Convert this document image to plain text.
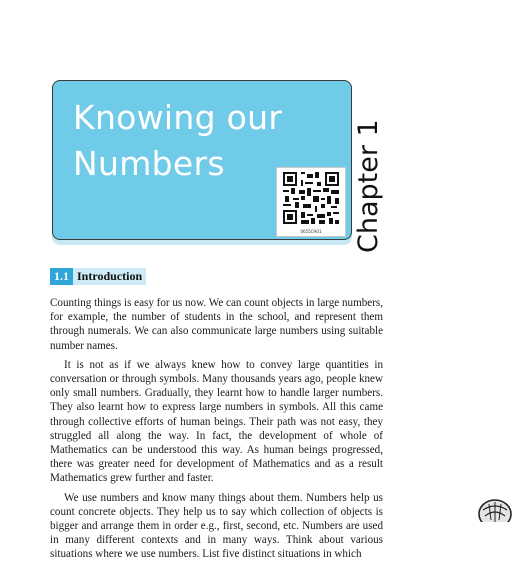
Knowing our
Numbers
0655CH01	Chapter 1
1.1 Introduction

Counting things is easy for us now. We can count objects in large numbers, for example, the number of students in the school, and represent them through numerals. We can also communicate large numbers using suitable number names.

It is not as if we always knew how to convey large quantities in conversation or through symbols. Many thousands years ago, people knew only small numbers. Gradually, they learnt how to handle larger numbers. They also learnt how to express large numbers in symbols. All this came through collective efforts of human beings. Their path was not easy, they struggled all along the way. In fact, the development of whole of Mathematics can be understood this way. As human beings progressed, there was greater need for development of Mathematics and as a result Mathematics grew further and faster.

We use numbers and know many things about them. Numbers help us count concrete objects. They help us to say which collection of objects is bigger and arrange them in order e.g., first, second, etc. Numbers are used in many different contexts and in many ways. Think about various situations where we use numbers. List five distinct situations in which
